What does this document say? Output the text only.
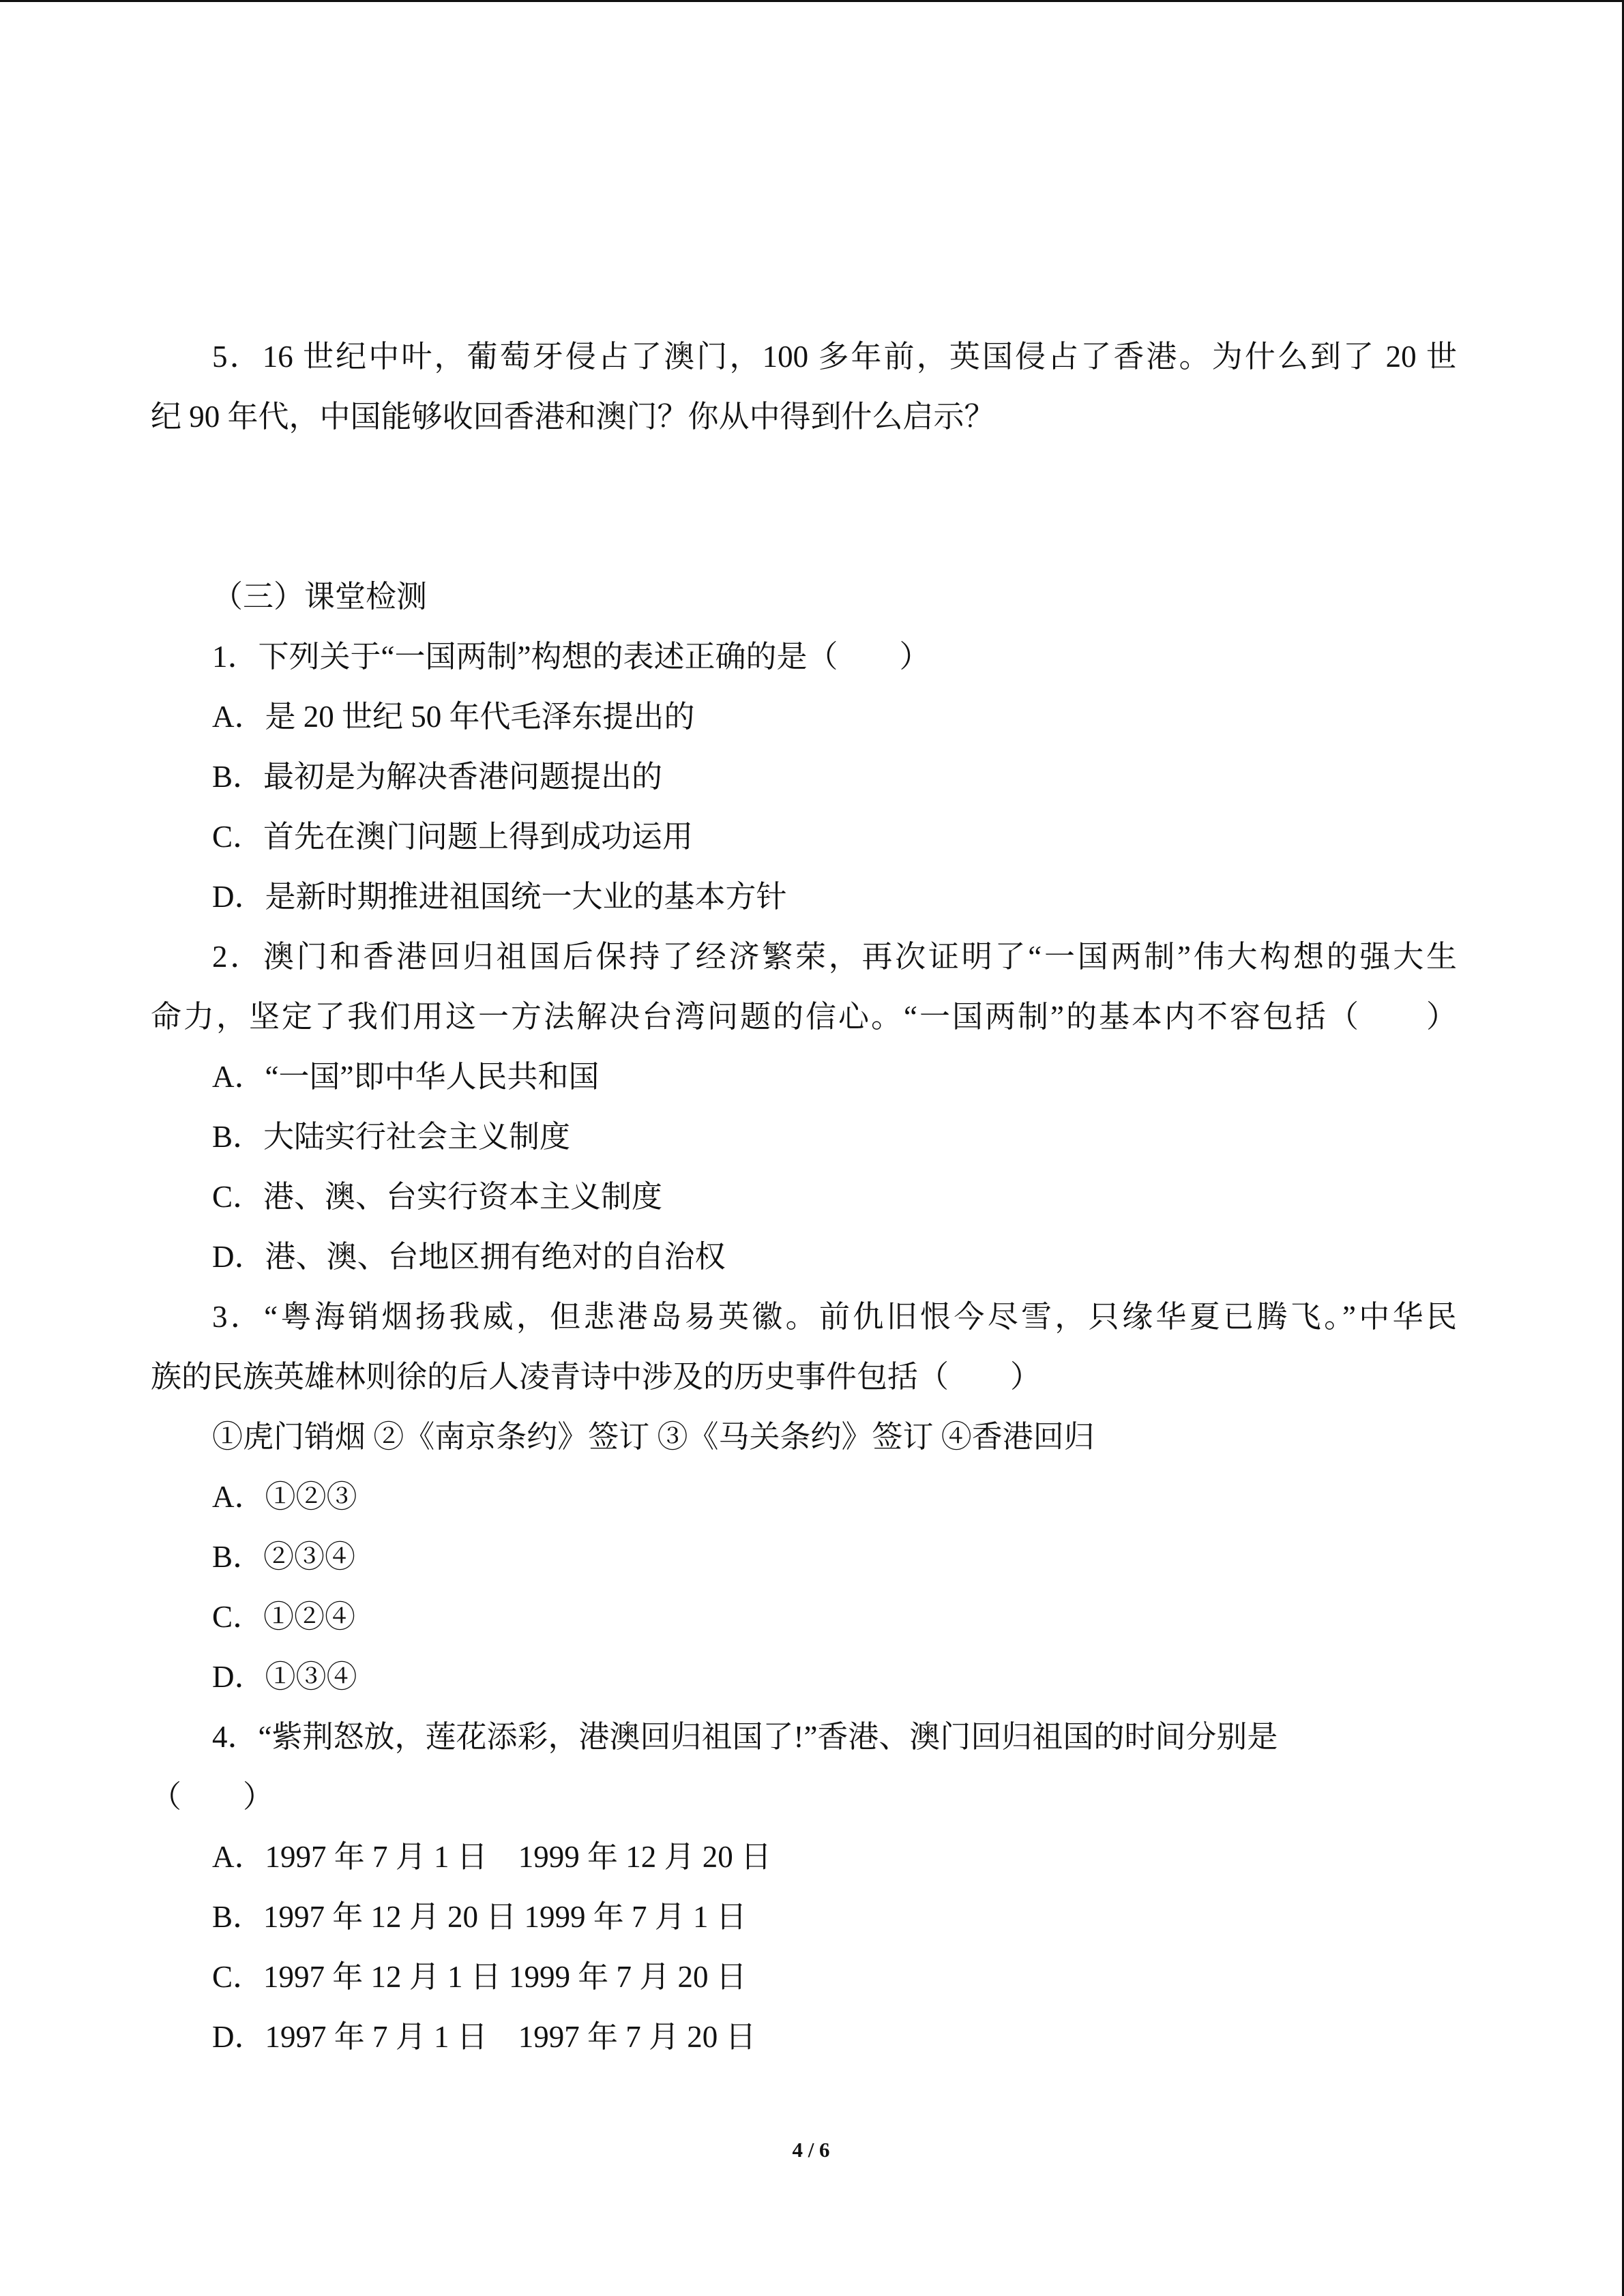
5．16 世纪中叶，葡萄牙侵占了澳门，100 多年前，英国侵占了香港。为什么到了 20 世
纪 90 年代，中国能够收回香港和澳门？你从中得到什么启示？
（三）课堂检测
1．下列关于“一国两制”构想的表述正确的是（　　）
A．是 20 世纪 50 年代毛泽东提出的
B．最初是为解决香港问题提出的
C．首先在澳门问题上得到成功运用
D．是新时期推进祖国统一大业的基本方针
2．澳门和香港回归祖国后保持了经济繁荣，再次证明了“一国两制”伟大构想的强大生
命力，坚定了我们用这一方法解决台湾问题的信心。“一国两制”的基本内不容包括（　　）
A．“一国”即中华人民共和国
B．大陆实行社会主义制度
C．港、澳、台实行资本主义制度
D．港、澳、台地区拥有绝对的自治权
3．“粤海销烟扬我威，但悲港岛易英徽。前仇旧恨今尽雪，只缘华夏已腾飞。”中华民
族的民族英雄林则徐的后人凌青诗中涉及的历史事件包括（　　）
①虎门销烟 ②《南京条约》签订 ③《马关条约》签订 ④香港回归
A．①②③
B．②③④
C．①②④
D．①③④
4．“紫荆怒放，莲花添彩，港澳回归祖国了!”香港、澳门回归祖国的时间分别是
（　　）
A．1997 年 7 月 1 日　1999 年 12 月 20 日
B．1997 年 12 月 20 日 1999 年 7 月 1 日
C．1997 年 12 月 1 日 1999 年 7 月 20 日
D．1997 年 7 月 1 日　1997 年 7 月 20 日
4 / 6
